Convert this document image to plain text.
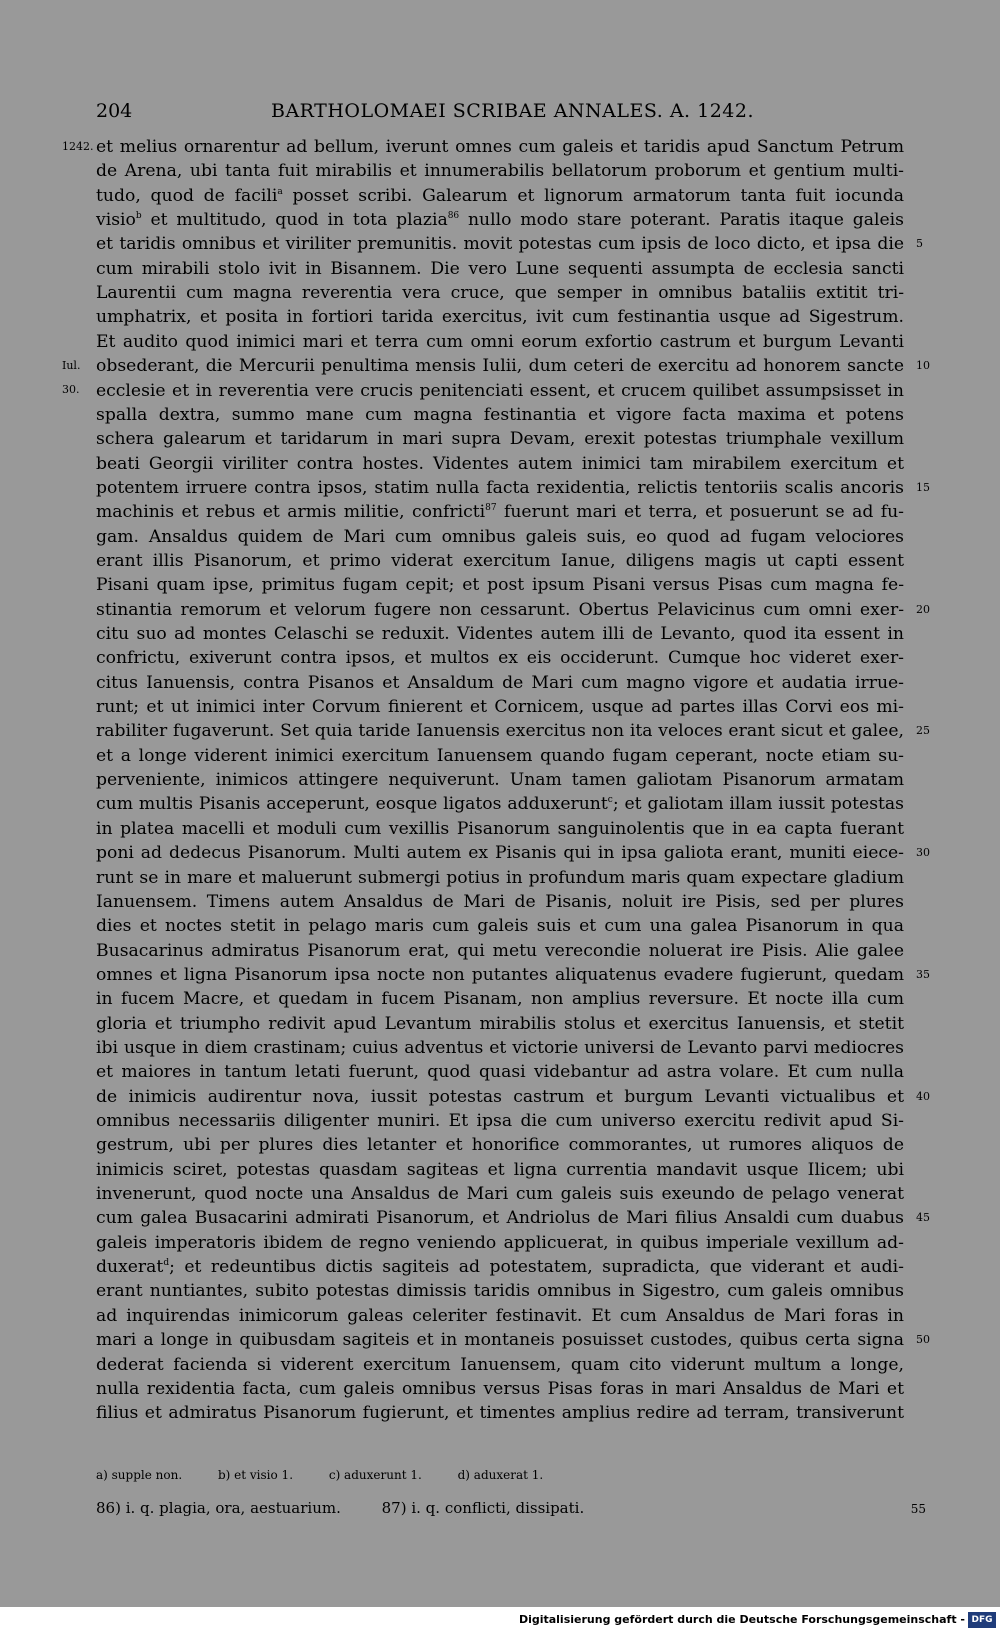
204	BARTHOLOMAEI SCRIBAE ANNALES. A. 1242.
et melius ornarentur ad bellum, iverunt omnes cum galeis et taridis apud Sanctum Petrum
1242.
de Arena, ubi tanta fuit mirabilis et innumerabilis bellatorum proborum et gentium multi-
tudo, quod de facili$^a$ posset scribi. Galearum et lignorum armatorum tanta fuit iocunda
visio$^b$ et multitudo, quod in tota plazia$^{86}$ nullo modo stare poterant. Paratis itaque galeis
et taridis omnibus et viriliter premunitis. movit potestas cum ipsis de loco dicto, et ipsa die 5
cum mirabili stolo ivit in Bisannem. Die vero Lune sequenti assumpta de ecclesia sancti
Laurentii cum magna reverentia vera cruce, que semper in omnibus bataliis extitit tri-
umphatrix, et posita in fortiori tarida exercitus, ivit cum festinantia usque ad Sigestrum.
Et audito quod inimici mari et terra cum omni eorum exfortio castrum et burgum Levanti
obsederant, die Mercurii penultima mensis Iulii, dum ceteri de exercitu ad honorem sancte
Iul. 30.
10
ecclesie et in reverentia vere crucis penitenciati essent, et crucem quilibet assumpsisset in
spalla dextra, summo mane cum magna festinantia et vigore facta maxima et potens
schera galearum et taridarum in mari supra Devam, erexit potestas triumphale vexillum
beati Georgii viriliter contra hostes. Videntes autem inimici tam mirabilem exercitum et
potentem irruere contra ipsos, statim nulla facta rexidentia, relictis tentoriis scalis ancoris 15
machinis et rebus et armis militie, confricti$^{87}$ fuerunt mari et terra, et posuerunt se ad fu-
gam. Ansaldus quidem de Mari cum omnibus galeis suis, eo quod ad fugam velociores
erant illis Pisanorum, et primo viderat exercitum Ianue, diligens magis ut capti essent
Pisani quam ipse, primitus fugam cepit; et post ipsum Pisani versus Pisas cum magna fe-
stinantia remorum et velorum fugere non cessarunt. Obertus Pelavicinus cum omni exer- 20
citu suo ad montes Celaschi se reduxit. Videntes autem illi de Levanto, quod ita essent in
confrictu, exiverunt contra ipsos, et multos ex eis occiderunt. Cumque hoc videret exer-
citus Ianuensis, contra Pisanos et Ansaldum de Mari cum magno vigore et audatia irrue-
runt; et ut inimici inter Corvum finierent et Cornicem, usque ad partes illas Corvi eos mi-
rabiliter fugaverunt. Set quia taride Ianuensis exercitus non ita veloces erant sicut et galee, 25
et a longe viderent inimici exercitum Ianuensem quando fugam ceperant, nocte etiam su-
perveniente, inimicos attingere nequiverunt. Unam tamen galiotam Pisanorum armatam
cum multis Pisanis acceperunt, eosque ligatos adduxerunt$^c$; et galiotam illam iussit potestas
in platea macelli et moduli cum vexillis Pisanorum sanguinolentis que in ea capta fuerant
poni ad dedecus Pisanorum. Multi autem ex Pisanis qui in ipsa galiota erant, muniti eiece- 30
runt se in mare et maluerunt submergi potius in profundum maris quam expectare gladium
Ianuensem. Timens autem Ansaldus de Mari de Pisanis, noluit ire Pisis, sed per plures
dies et noctes stetit in pelago maris cum galeis suis et cum una galea Pisanorum in qua
Busacarinus admiratus Pisanorum erat, qui metu verecondie noluerat ire Pisis. Alie galee
omnes et ligna Pisanorum ipsa nocte non putantes aliquatenus evadere fugierunt, quedam 35
in fucem Macre, et quedam in fucem Pisanam, non amplius reversure. Et nocte illa cum
gloria et triumpho redivit apud Levantum mirabilis stolus et exercitus Ianuensis, et stetit
ibi usque in diem crastinam; cuius adventus et victorie universi de Levanto parvi mediocres
et maiores in tantum letati fuerunt, quod quasi videbantur ad astra volare. Et cum nulla
de inimicis audirentur nova, iussit potestas castrum et burgum Levanti victualibus et 40
omnibus necessariis diligenter muniri. Et ipsa die cum universo exercitu redivit apud Si-
gestrum, ubi per plures dies letanter et honorifice commorantes, ut rumores aliquos de
inimicis sciret, potestas quasdam sagiteas et ligna currentia mandavit usque Ilicem; ubi
invenerunt, quod nocte una Ansaldus de Mari cum galeis suis exeundo de pelago venerat
cum galea Busacarini admirati Pisanorum, et Andriolus de Mari filius Ansaldi cum duabus 45
galeis imperatoris ibidem de regno veniendo applicuerat, in quibus imperiale vexillum ad-
duxerat$^d$; et redeuntibus dictis sagiteis ad potestatem, supradicta, que viderant et audi-
erant nuntiantes, subito potestas dimissis taridis omnibus in Sigestro, cum galeis omnibus
ad inquirendas inimicorum galeas celeriter festinavit. Et cum Ansaldus de Mari foras in
mari a longe in quibusdam sagiteis et in montaneis posuisset custodes, quibus certa signa 50
dederat facienda si viderent exercitum Ianuensem, quam cito viderunt multum a longe,
nulla rexidentia facta, cum galeis omnibus versus Pisas foras in mari Ansaldus de Mari et
filius et admiratus Pisanorum fugierunt, et timentes amplius redire ad terram, transiverunt
a) supple non.	b) et visio 1.	c) aduxerunt 1.	d) aduxerat 1.
86) i. q. plagia, ora, aestuarium.	87) i. q. conflicti, dissipati.	55
Digitalisierung gefördert durch die Deutsche Forschungsgemeinschaft - DFG
